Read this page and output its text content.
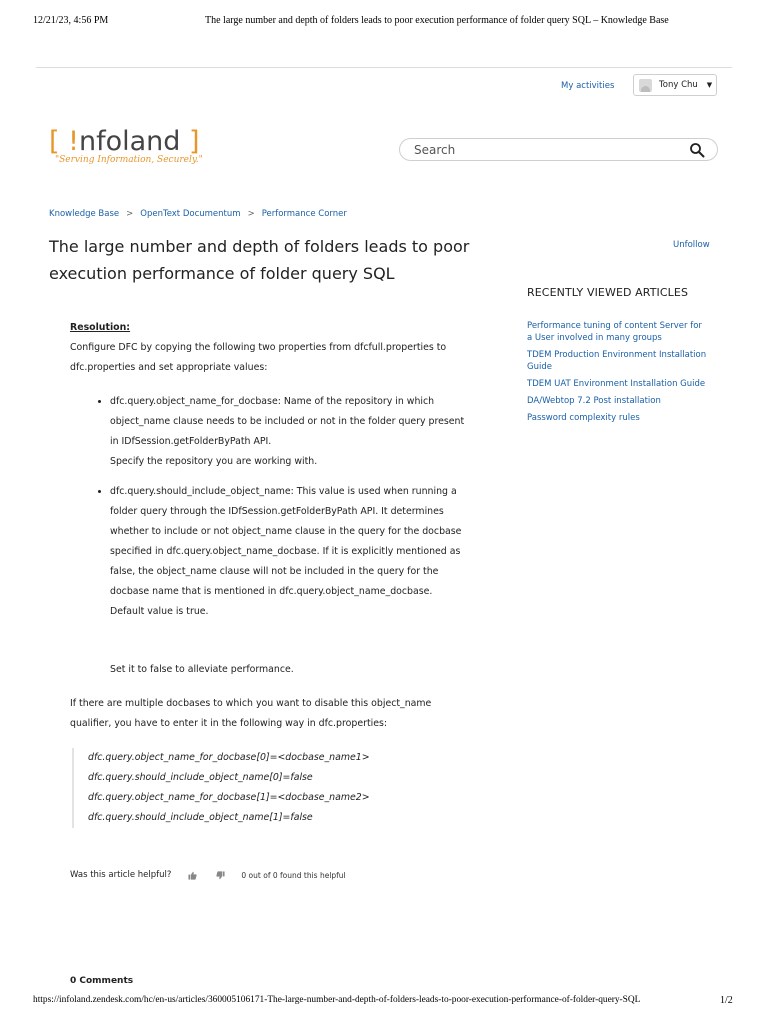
12/21/23, 4:56 PM	The large number and depth of folders leads to poor execution performance of folder query SQL – Knowledge Base
My activities	Tony Chu ▼
[ !nfoland ]
"Serving Information, Securely."
Search
Knowledge Base > OpenText Documentum > Performance Corner
The large number and depth of folders leads to poor execution performance of folder query SQL
Unfollow

Resolution:

Configure DFC by copying the following two properties from dfcfull.properties to dfc.properties and set appropriate values:

• dfc.query.object_name_for_docbase: Name of the repository in which object_name clause needs to be included or not in the folder query present in IDfSession.getFolderByPath API.
Specify the repository you are working with.
• dfc.query.should_include_object_name: This value is used when running a folder query through the IDfSession.getFolderByPath API. It determines whether to include or not object_name clause in the query for the docbase specified in dfc.query.object_name_docbase. If it is explicitly mentioned as false, the object_name clause will not be included in the query for the docbase name that is mentioned in dfc.query.object_name_docbase.
Default value is true.
Set it to false to alleviate performance.

If there are multiple docbases to which you want to disable this object_name qualifier, you have to enter it in the following way in dfc.properties:

dfc.query.object_name_for_docbase[0]=<docbase_name1>
dfc.query.should_include_object_name[0]=false
dfc.query.object_name_for_docbase[1]=<docbase_name2>
dfc.query.should_include_object_name[1]=false
Was this article helpful?	0 out of 0 found this helpful
0 Comments
RECENTLY VIEWED ARTICLES
Performance tuning of content Server for a User involved in many groups
TDEM Production Environment Installation Guide
TDEM UAT Environment Installation Guide
DA/Webtop 7.2 Post installation
Password complexity rules
https://infoland.zendesk.com/hc/en-us/articles/360005106171-The-large-number-and-depth-of-folders-leads-to-poor-execution-performance-of-folder-query-SQL	1/2
